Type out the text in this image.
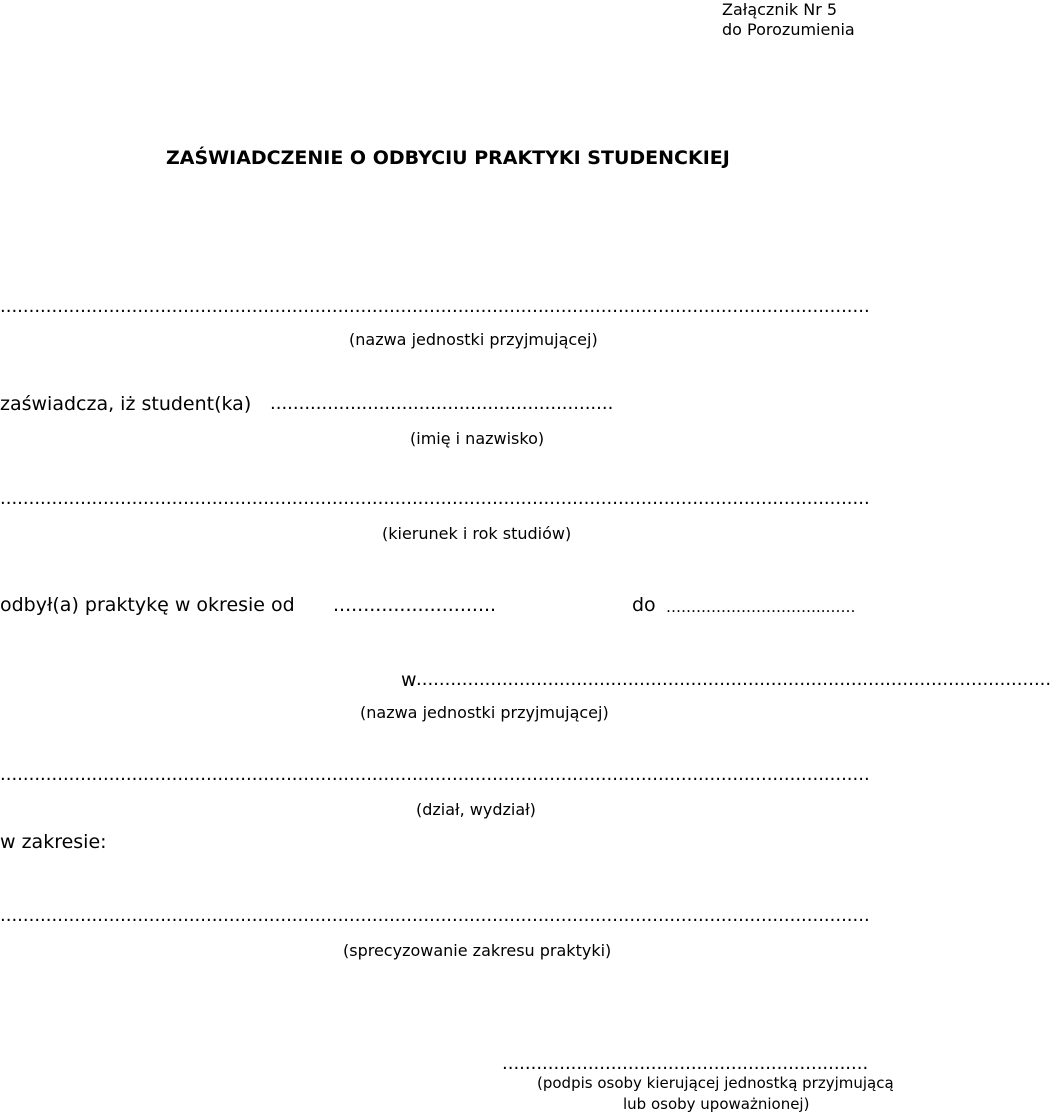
Załącznik Nr 5
do Porozumienia
ZAŚWIADCZENIE O ODBYCIU PRAKTYKI STUDENCKIEJ
........................................................................................................................................................
(nazwa jednostki przyjmującej)
zaświadcza, iż student(ka) ............................................................
(imię i nazwisko)
........................................................................................................................................................
(kierunek i rok studiów)
odbył(a) praktykę w okresie od ...........................	do …………………………..……
w ...............................................................................................................
(nazwa jednostki przyjmującej)
........................................................................................................................................................
(dział, wydział)
w zakresie:
........................................................................................................................................................
(sprecyzowanie zakresu praktyki)
................................................................
(podpis osoby kierującej jednostką przyjmującą
lub osoby upoważnionej)
